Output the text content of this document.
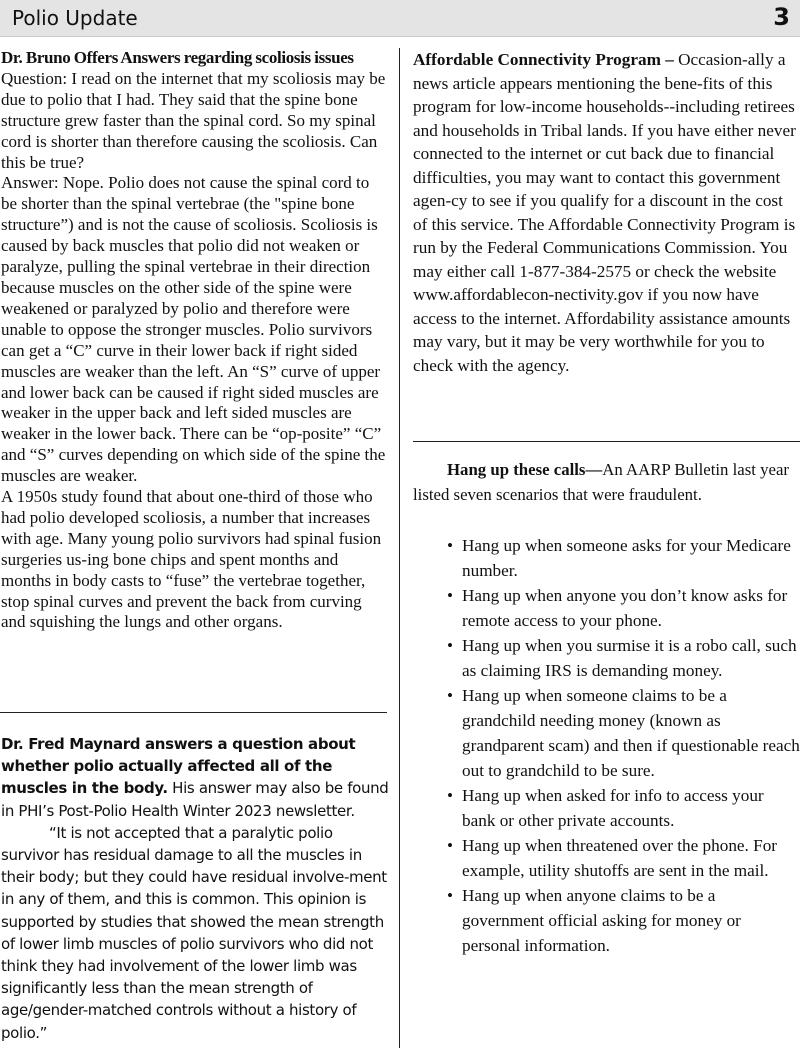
Polio Update	3

Dr. Bruno Offers Answers regarding scoliosis issues

Question: I read on the internet that my scoliosis may be due to polio that I had. They said that the spine bone structure grew faster than the spinal cord. So my spinal cord is shorter than therefore causing the scoliosis. Can this be true?

Answer: Nope. Polio does not cause the spinal cord to be shorter than the spinal vertebrae (the "spine bone structure”) and is not the cause of scoliosis. Scoliosis is caused by back muscles that polio did not weaken or paralyze, pulling the spinal vertebrae in their direction because muscles on the other side of the spine were weakened or paralyzed by polio and therefore were unable to oppose the stronger muscles. Polio survivors can get a “C” curve in their lower back if right sided muscles are weaker than the left. An “S” curve of upper and lower back can be caused if right sided muscles are weaker in the upper back and left sided muscles are weaker in the lower back. There can be “op-posite” “C” and “S” curves depending on which side of the spine the muscles are weaker.

A 1950s study found that about one-third of those who had polio developed scoliosis, a number that increases with age. Many young polio survivors had spinal fusion surgeries us-ing bone chips and spent months and months in body casts to “fuse” the vertebrae together, stop spinal curves and prevent the back from curving and squishing the lungs and other organs.

Dr. Fred Maynard answers a question about whether polio actually affected all of the muscles in the body. His answer may also be found in PHI’s Post-Polio Health Winter 2023 newsletter.

“It is not accepted that a paralytic polio survivor has residual damage to all the muscles in their body; but they could have residual involve-ment in any of them, and this is common. This opinion is supported by studies that showed the mean strength of lower limb muscles of polio survivors who did not think they had involvement of the lower limb was significantly less than the mean strength of age/gender-matched controls without a history of polio.”

Affordable Connectivity Program – Occasion-ally a news article appears mentioning the bene-fits of this program for low-income households--including retirees and households in Tribal lands. If you have either never connected to the internet or cut back due to financial difficulties, you may want to contact this government agen-cy to see if you qualify for a discount in the cost of this service. The Affordable Connectivity Program is run by the Federal Communications Commission. You may either call 1-877-384-2575 or check the website www.affordablecon-nectivity.gov if you now have access to the internet. Affordability assistance amounts may vary, but it may be very worthwhile for you to check with the agency.

Hang up these calls—An AARP Bulletin last year listed seven scenarios that were fraudulent.

• Hang up when someone asks for your Medicare number.
• Hang up when anyone you don’t know asks for remote access to your phone.
• Hang up when you surmise it is a robo call, such as claiming IRS is demanding money.
• Hang up when someone claims to be a grandchild needing money (known as grandparent scam) and then if questionable reach out to grandchild to be sure.
• Hang up when asked for info to access your bank or other private accounts.
• Hang up when threatened over the phone. For example, utility shutoffs are sent in the mail.
• Hang up when anyone claims to be a government official asking for money or personal information.
